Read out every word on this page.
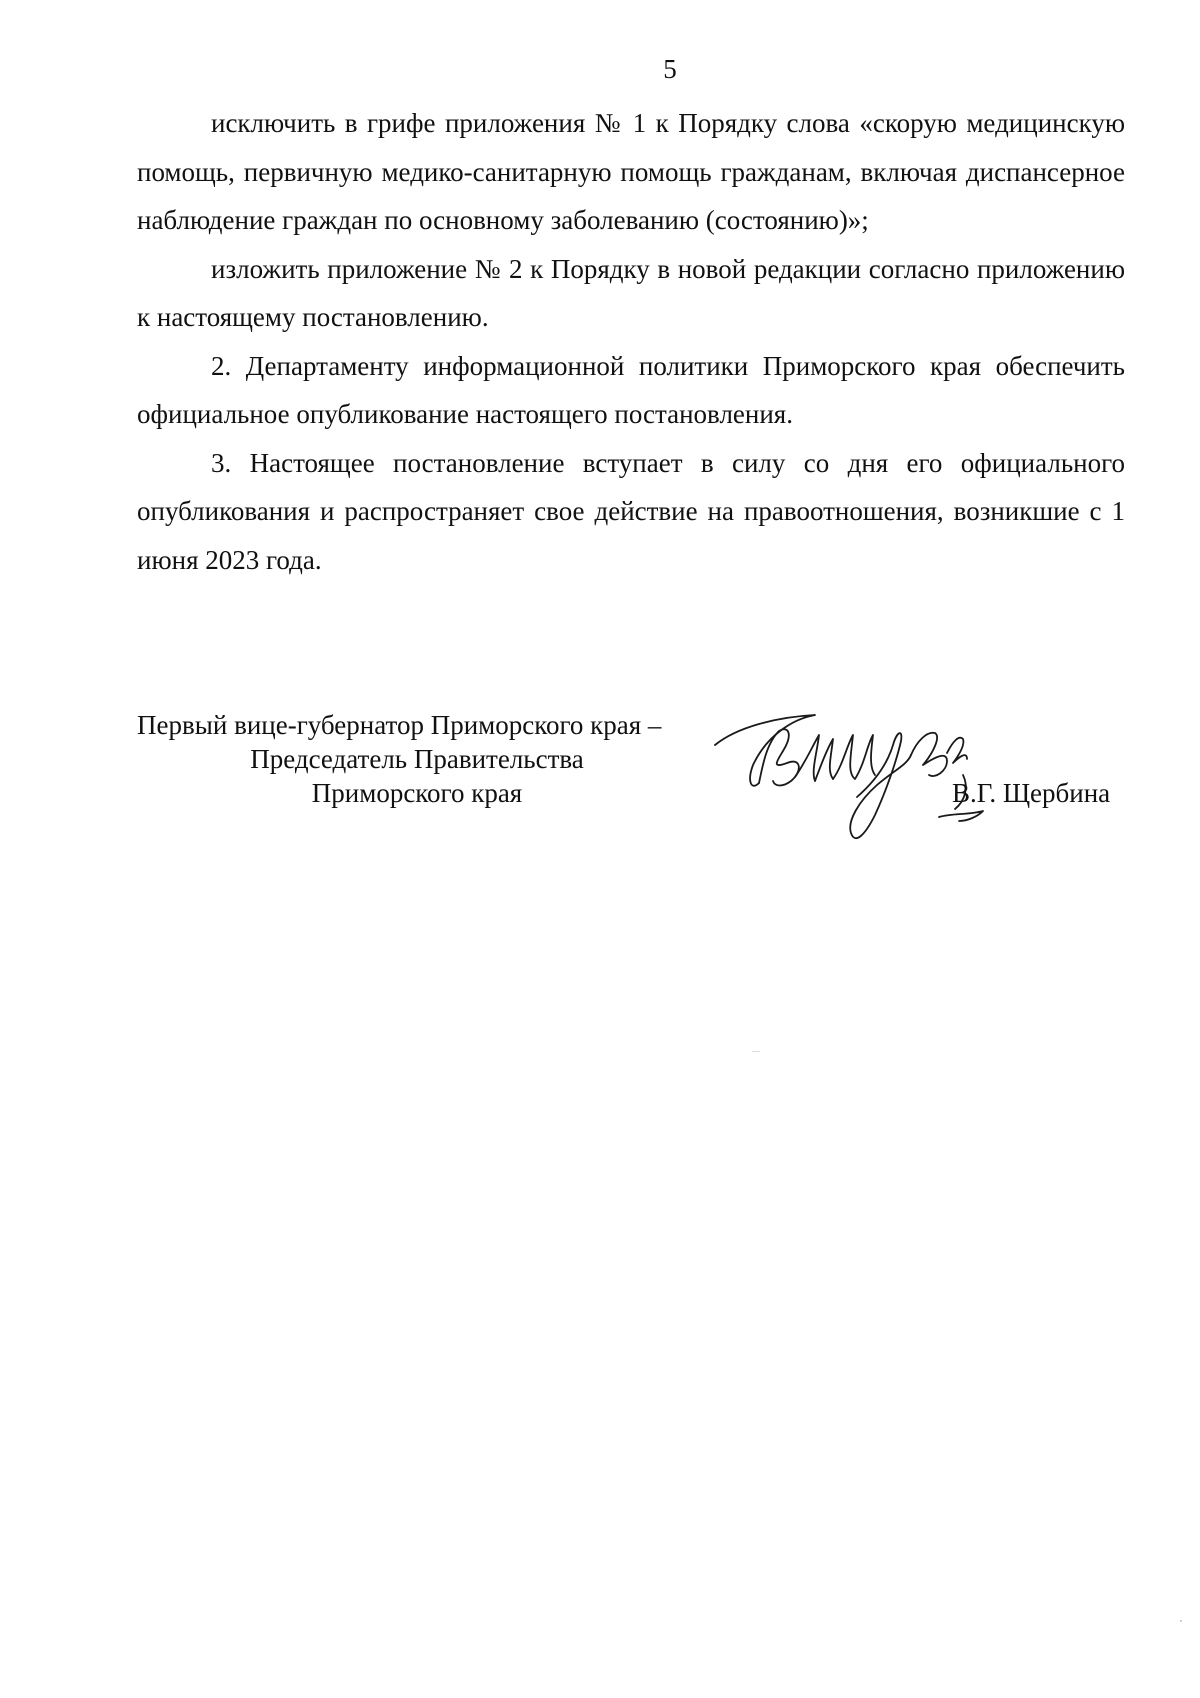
5

исключить в грифе приложения № 1 к Порядку слова «скорую медицинскую помощь, первичную медико-санитарную помощь гражданам, включая диспансерное наблюдение граждан по основному заболеванию (состоянию)»;

изложить приложение № 2 к Порядку в новой редакции согласно приложению к настоящему постановлению.

2. Департаменту информационной политики Приморского края обеспечить официальное опубликование настоящего постановления.

3. Настоящее постановление вступает в силу со дня его официального опубликования и распространяет свое действие на правоотношения, возникшие с 1 июня 2023 года.

Первый вице-губернатор Приморского края –
Председатель Правительства
Приморского края	В.Г. Щербина
